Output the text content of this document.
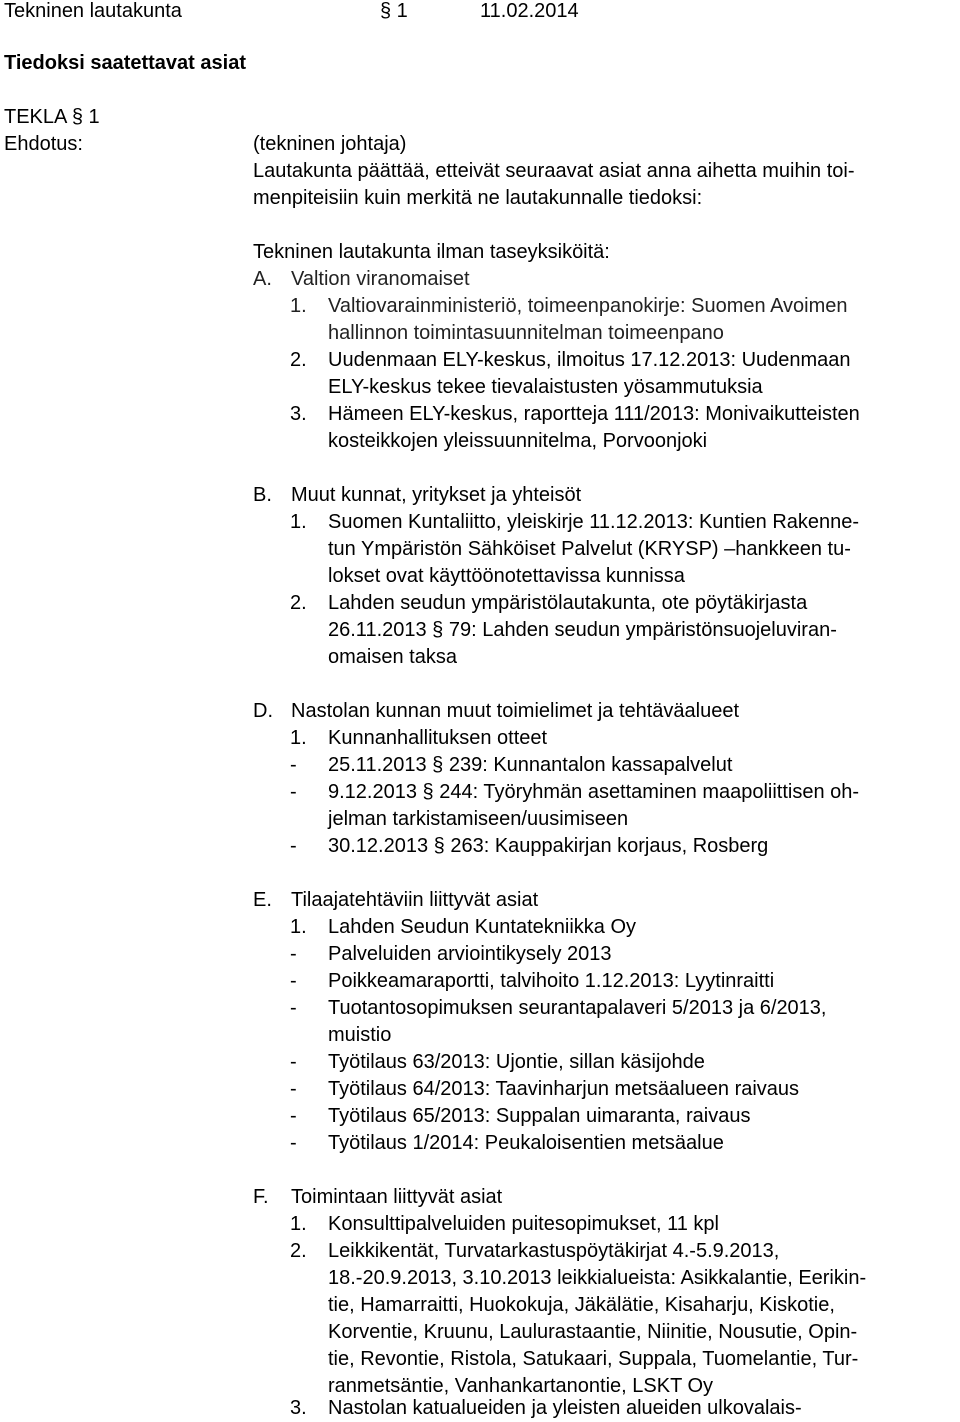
Tekninen lautakunta	§ 1	11.02.2014
Tiedoksi saatettavat asiat
TEKLA § 1
Ehdotus:	(tekninen johtaja)
Lautakunta päättää, etteivät seuraavat asiat anna aihetta muihin toi-
menpiteisiin kuin merkitä ne lautakunnalle tiedoksi:
Tekninen lautakunta ilman taseyksiköitä:
A. Valtion viranomaiset
1. Valtiovarainministeriö, toimeenpanokirje: Suomen Avoimen
hallinnon toimintasuunnitelman toimeenpano
2. Uudenmaan ELY-keskus, ilmoitus 17.12.2013: Uudenmaan
ELY-keskus tekee tievalaistusten yösammutuksia
3. Hämeen ELY-keskus, raportteja 111/2013: Monivaikutteisten
kosteikkojen yleissuunnitelma, Porvoonjoki
B. Muut kunnat, yritykset ja yhteisöt
1. Suomen Kuntaliitto, yleiskirje 11.12.2013: Kuntien Rakenne-
tun Ympäristön Sähköiset Palvelut (KRYSP) –hankkeen tu-
lokset ovat käyttöönotettavissa kunnissa
2. Lahden seudun ympäristölautakunta, ote pöytäkirjasta
26.11.2013 § 79: Lahden seudun ympäristönsuojeluviran-
omaisen taksa
D. Nastolan kunnan muut toimielimet ja tehtäväalueet
1. Kunnanhallituksen otteet
- 25.11.2013 § 239: Kunnantalon kassapalvelut
- 9.12.2013 § 244: Työryhmän asettaminen maapoliittisen oh-
jelman tarkistamiseen/uusimiseen
- 30.12.2013 § 263: Kauppakirjan korjaus, Rosberg
E. Tilaajatehtäviin liittyvät asiat
1. Lahden Seudun Kuntatekniikka Oy
- Palveluiden arviointikysely 2013
- Poikkeamaraportti, talvihoito 1.12.2013: Lyytinraitti
- Tuotantosopimuksen seurantapalaveri 5/2013 ja 6/2013,
muistio
- Työtilaus 63/2013: Ujontie, sillan käsijohde
- Työtilaus 64/2013: Taavinharjun metsäalueen raivaus
- Työtilaus 65/2013: Suppalan uimaranta, raivaus
- Työtilaus 1/2014: Peukaloisentien metsäalue
F. Toimintaan liittyvät asiat
1. Konsulttipalveluiden puitesopimukset, 11 kpl
2. Leikkikentät, Turvatarkastuspöytäkirjat 4.-5.9.2013,
18.-20.9.2013, 3.10.2013 leikkialueista: Asikkalantie, Eerikin-
tie, Hamarraitti, Huokokuja, Jäkälätie, Kisaharju, Kiskotie,
Korventie, Kruunu, Laulurastaantie, Niinitie, Nousutie, Opin-
tie, Revontie, Ristola, Satukaari, Suppala, Tuomelantie, Tur-
ranmetsäntie, Vanhankartanontie, LSKT Oy
3. Nastolan katualueiden ja yleisten alueiden ulkovalais-
